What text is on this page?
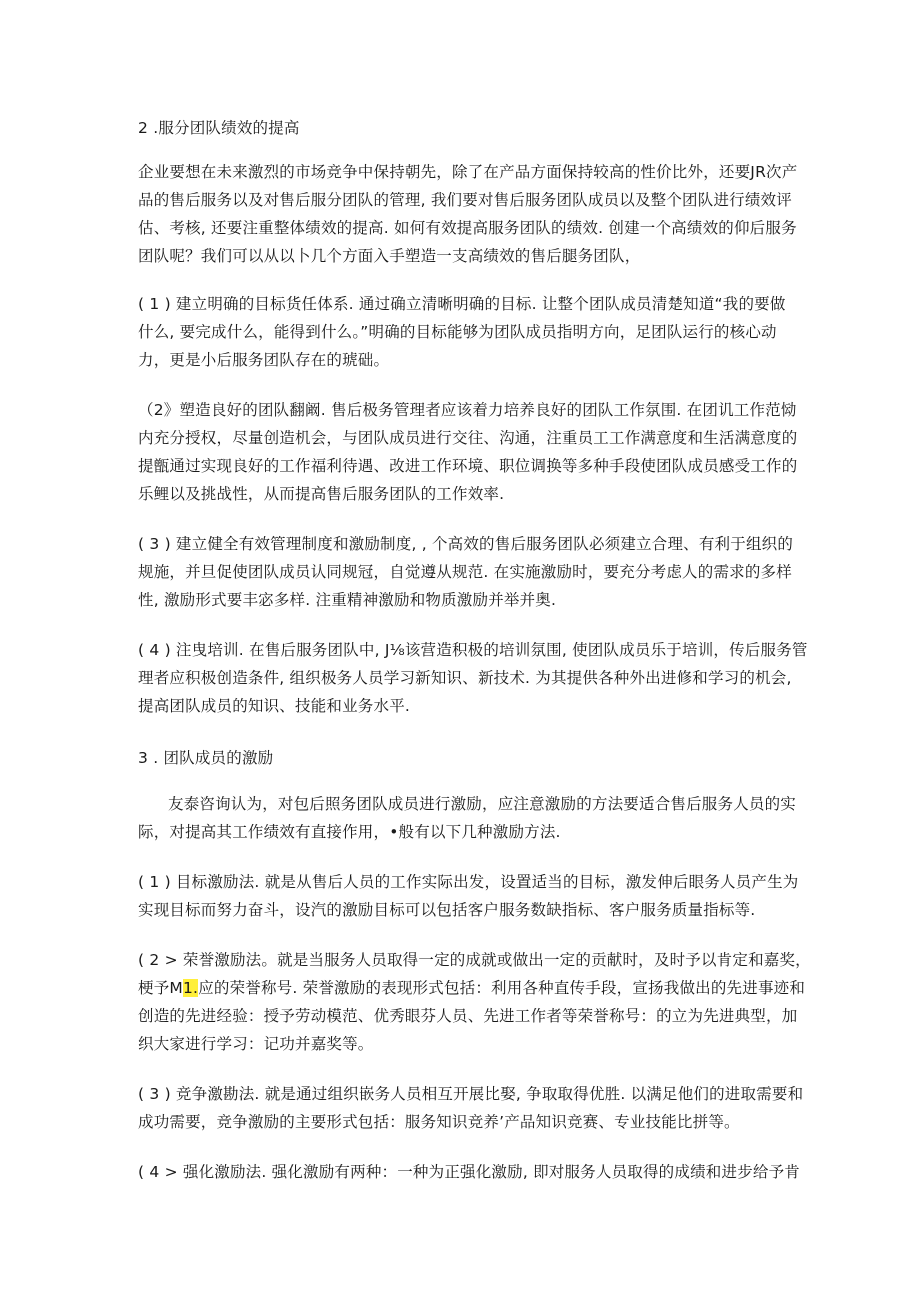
2 .服分团队绩效的提高
企业要想在未来激烈的市场竞争中保持朝先，除了在产品方面保持较高的性价比外，还要JR次产
品的售后服务以及对售后服分团队的管理, 我们要对售后服务团队成员以及整个团队进行绩效评
估、考核, 还要注重整体绩效的提高. 如何有效提高服务团队的绩效. 创建一个高绩效的仰后服务
团队呢？我们可以从以卜几个方面入手塑造一支高绩效的售后腿务团队，
( 1 ) 建立明确的目标货任体系. 通过确立清晰明确的目标. 让整个团队成员清楚知道“我的要做
什么, 要完成什么，能得到什么。”明确的目标能够为团队成员指明方向，足团队运行的核心动
力，更是小后服务团队存在的琥础。
（2》塑造良好的团队翻阚. 售后极务管理者应该着力培养良好的团队工作氛围. 在团讥工作范恸
内充分授权，尽量创造机会，与团队成员进行交往、沟通，注重员工工作满意度和生活满意度的
提甑通过实现良好的工作福利待遇、改进工作环境、职位调换等多种手段使团队成员感受工作的
乐鲤以及挑战性，从而提高售后服务团队的工作效率.
( 3 ) 建立健全有效管理制度和激励制度, , 个高效的售后服务团队必须建立合理、有利于组织的
规施，并旦促使团队成员认同规冠，自觉遵从规范. 在实施激励时，要充分考虑人的需求的多样
性, 激励形式要丰宓多样. 注重精神激励和物质激励并举并奥.
( 4 ) 注曳培训. 在售后服务团队中, J⅛该营造积极的培训氛围, 使团队成员乐于培训，传后服务管
理者应积极创造条件, 组织极务人员学习新知识、新技术. 为其提供各种外出进修和学习的机会,
提高团队成员的知识、技能和业务水平.
3 . 团队成员的激励
友泰咨询认为，对包后照务团队成员进行激励，应注意激励的方法要适合售后服务人员的实
际，对提高其工作绩效有直接作用，•般有以下几种激励方法.
( 1 ) 目标激励法. 就是从售后人员的工作实际出发，设置适当的目标，激发伸后眼务人员产生为
实现目标而努力奋斗，设汽的激励目标可以包括客户服务数缺指标、客户服务质量指标等.
( 2 > 荣誉激励法。就是当服务人员取得一定的成就或做出一定的贡献时，及时予以肯定和嘉奖，
梗予M1.应的荣誉称号. 荣誉激励的表现形式包括：利用各种直传手段，宣扬我做出的先进事迹和
创造的先进经验：授予劳动模范、优秀眼芬人员、先进工作者等荣誉称号：的立为先进典型，加
织大家进行学习：记功并嘉奖等。
( 3 ) 竞争激勘法. 就是通过组织嵌务人员相互开展比娶, 争取取得优胜. 以满足他们的进取需要和
成功需要，竞争激励的主要形式包括：服务知识竞养’产品知识竞赛、专业技能比拼等。
( 4 > 强化激励法. 强化激励有两种：一种为正强化激励, 即对服务人员取得的成绩和进步给予肯
